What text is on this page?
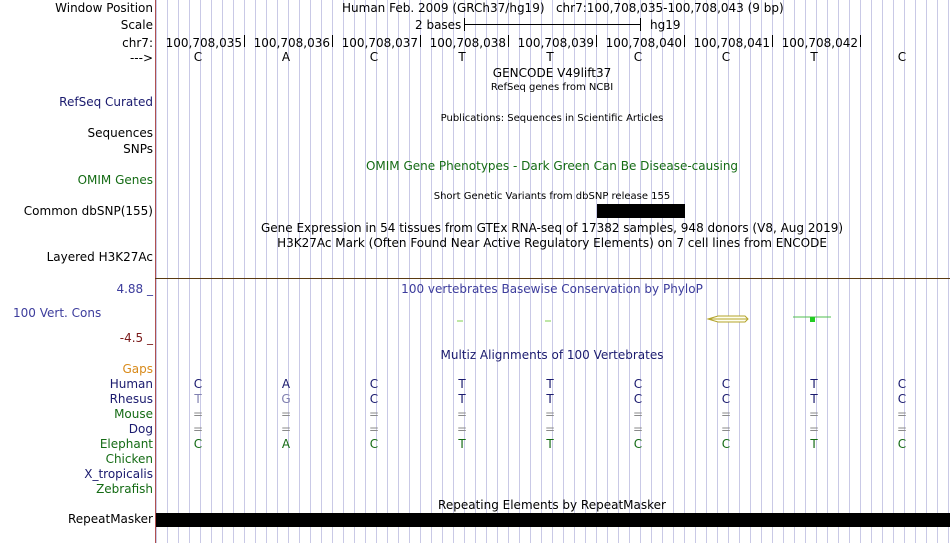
Window Position	Human Feb. 2009 (GRCh37/hg19)   chr7:100,708,035-100,708,043 (9 bp)
Scale	2 bases	hg19
chr7:	100,708,035 100,708,036 100,708,037 100,708,038 100,708,039 100,708,040 100,708,041 100,708,042
--->	C	A	C	T	T	C	C	T	C
GENCODE V49lift37
RefSeq genes from NCBI
RefSeq Curated
Publications: Sequences in Scientific Articles
Sequences
SNPs
OMIM Gene Phenotypes - Dark Green Can Be Disease-causing
OMIM Genes
Short Genetic Variants from dbSNP release 155
Common dbSNP(155)
Gene Expression in 54 tissues from GTEx RNA-seq of 17382 samples, 948 donors (V8, Aug 2019)
H3K27Ac Mark (Often Found Near Active Regulatory Elements) on 7 cell lines from ENCODE
Layered H3K27Ac
4.88 _	100 vertebrates Basewise Conservation by PhyloP
100 Vert. Cons
-4.5 _
Multiz Alignments of 100 Vertebrates
Gaps
Human	C	A	C	T	T	C	C	T	C
Rhesus	T	G	C	T	T	C	C	T	C
Mouse	=	=	=	=	=	=	=	=	=
Dog	=	=	=	=	=	=	=	=	=
Elephant	C	A	C	T	T	C	C	T	C
Chicken
X_tropicalis
Zebrafish
Repeating Elements by RepeatMasker
RepeatMasker
